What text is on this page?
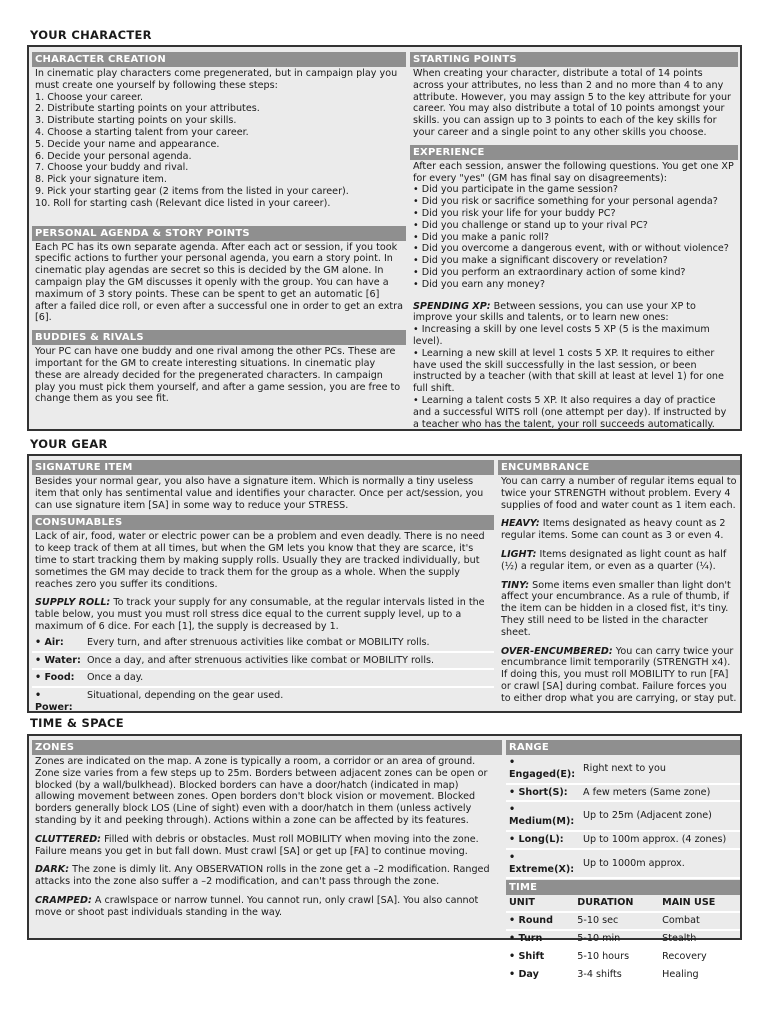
YOUR CHARACTER
CHARACTER CREATION
In cinematic play characters come pregenerated, but in campaign play you must create one yourself by following these steps:
1. Choose your career.
2. Distribute starting points on your attributes.
3. Distribute starting points on your skills.
4. Choose a starting talent from your career.
5. Decide your name and appearance.
6. Decide your personal agenda.
7. Choose your buddy and rival.
8. Pick your signature item.
9. Pick your starting gear (2 items from the listed in your career).
10. Roll for starting cash (Relevant dice listed in your career).
PERSONAL AGENDA & STORY POINTS
Each PC has its own separate agenda. After each act or session, if you took specific actions to further your personal agenda, you earn a story point. In cinematic play agendas are secret so this is decided by the GM alone. In campaign play the GM discusses it openly with the group. You can have a maximum of 3 story points. These can be spent to get an automatic [6] after a failed dice roll, or even after a successful one in order to get an extra [6].
BUDDIES & RIVALS
Your PC can have one buddy and one rival among the other PCs. These are important for the GM to create interesting situations. In cinematic play these are already decided for the pregenerated characters. In campaign play you must pick them yourself, and after a game session, you are free to change them as you see fit.
STARTING POINTS
When creating your character, distribute a total of 14 points across your attributes, no less than 2 and no more than 4 to any attribute. However, you may assign 5 to the key attribute for your career. You may also distribute a total of 10 points amongst your skills. you can assign up to 3 points to each of the key skills for your career and a single point to any other skills you choose.
EXPERIENCE
After each session, answer the following questions. You get one XP for every "yes" (GM has final say on disagreements):
• Did you participate in the game session?
• Did you risk or sacrifice something for your personal agenda?
• Did you risk your life for your buddy PC?
• Did you challenge or stand up to your rival PC?
• Did you make a panic roll?
• Did you overcome a dangerous event, with or without violence?
• Did you make a significant discovery or revelation?
• Did you perform an extraordinary action of some kind?
• Did you earn any money?
SPENDING XP: Between sessions, you can use your XP to improve your skills and talents, or to learn new ones:
• Increasing a skill by one level costs 5 XP (5 is the maximum level).
• Learning a new skill at level 1 costs 5 XP. It requires to either have used the skill successfully in the last session, or been instructed by a teacher (with that skill at least at level 1) for one full shift.
• Learning a talent costs 5 XP. It also requires a day of practice and a successful WITS roll (one attempt per day). If instructed by a teacher who has the talent, your roll succeeds automatically.
YOUR GEAR
SIGNATURE ITEM
Besides your normal gear, you also have a signature item. Which is normally a tiny useless item that only has sentimental value and identifies your character. Once per act/session, you can use signature item [SA] in some way to reduce your STRESS.
CONSUMABLES

Lack of air, food, water or electric power can be a problem and even deadly. There is no need to keep track of them at all times, but when the GM lets you know that they are scarce, it's time to start tracking them by making supply rolls. Usually they are tracked individually, but sometimes the GM may decide to track them for the group as a whole. When the supply reaches zero you suffer its conditions.

SUPPLY ROLL: To track your supply for any consumable, at the regular intervals listed in the table below, you must you must roll stress dice equal to the current supply level, up to a maximum of 6 dice. For each [1], the supply is decreased by 1.
• Air:	Every turn, and after strenuous activities like combat or MOBILITY rolls.
• Water:	Once a day, and after strenuous activities like combat or MOBILITY rolls.
• Food:	Once a day.
• Power:	Situational, depending on the gear used.
ENCUMBRANCE

You can carry a number of regular items equal to twice your STRENGTH without problem. Every 4 supplies of food and water count as 1 item each.

HEAVY: Items designated as heavy count as 2 regular items. Some can count as 3 or even 4.

LIGHT: Items designated as light count as half (½) a regular item, or even as a quarter (¼).

TINY: Some items even smaller than light don't affect your encumbrance. As a rule of thumb, if the item can be hidden in a closed fist, it's tiny. They still need to be listed in the character sheet.

OVER-ENCUMBERED: You can carry twice your encumbrance limit temporarily (STRENGTH x4). If doing this, you must roll MOBILITY to run [FA] or crawl [SA] during combat. Failure forces you to either drop what you are carrying, or stay put.

TIME & SPACE
ZONES

Zones are indicated on the map. A zone is typically a room, a corridor or an area of ground. Zone size varies from a few steps up to 25m. Borders between adjacent zones can be open or blocked (by a wall/bulkhead). Blocked borders can have a door/hatch (indicated in map) allowing movement between zones. Open borders don't block vision or movement. Blocked borders generally block LOS (Line of sight) even with a door/hatch in them (unless actively standing by it and peeking through). Actions within a zone can be affected by its features.

CLUTTERED: Filled with debris or obstacles. Must roll MOBILITY when moving into the zone. Failure means you get in but fall down. Must crawl [SA] or get up [FA] to continue moving.

DARK: The zone is dimly lit. Any OBSERVATION rolls in the zone get a –2 modification. Ranged attacks into the zone also suffer a –2 modification, and can't pass through the zone.

CRAMPED: A crawlspace or narrow tunnel. You cannot run, only crawl [SA]. You also cannot move or shoot past individuals standing in the way.

RANGE
• Engaged(E):	Right next to you
• Short(S):	A few meters (Same zone)
• Medium(M):	Up to 25m (Adjacent zone)
• Long(L):	Up to 100m approx. (4 zones)
• Extreme(X):	Up to 1000m approx.
TIME
UNIT	DURATION	MAIN USE
• Round	5-10 sec	Combat
• Turn	5-10 min	Stealth
• Shift	5-10 hours	Recovery
• Day	3-4 shifts	Healing
